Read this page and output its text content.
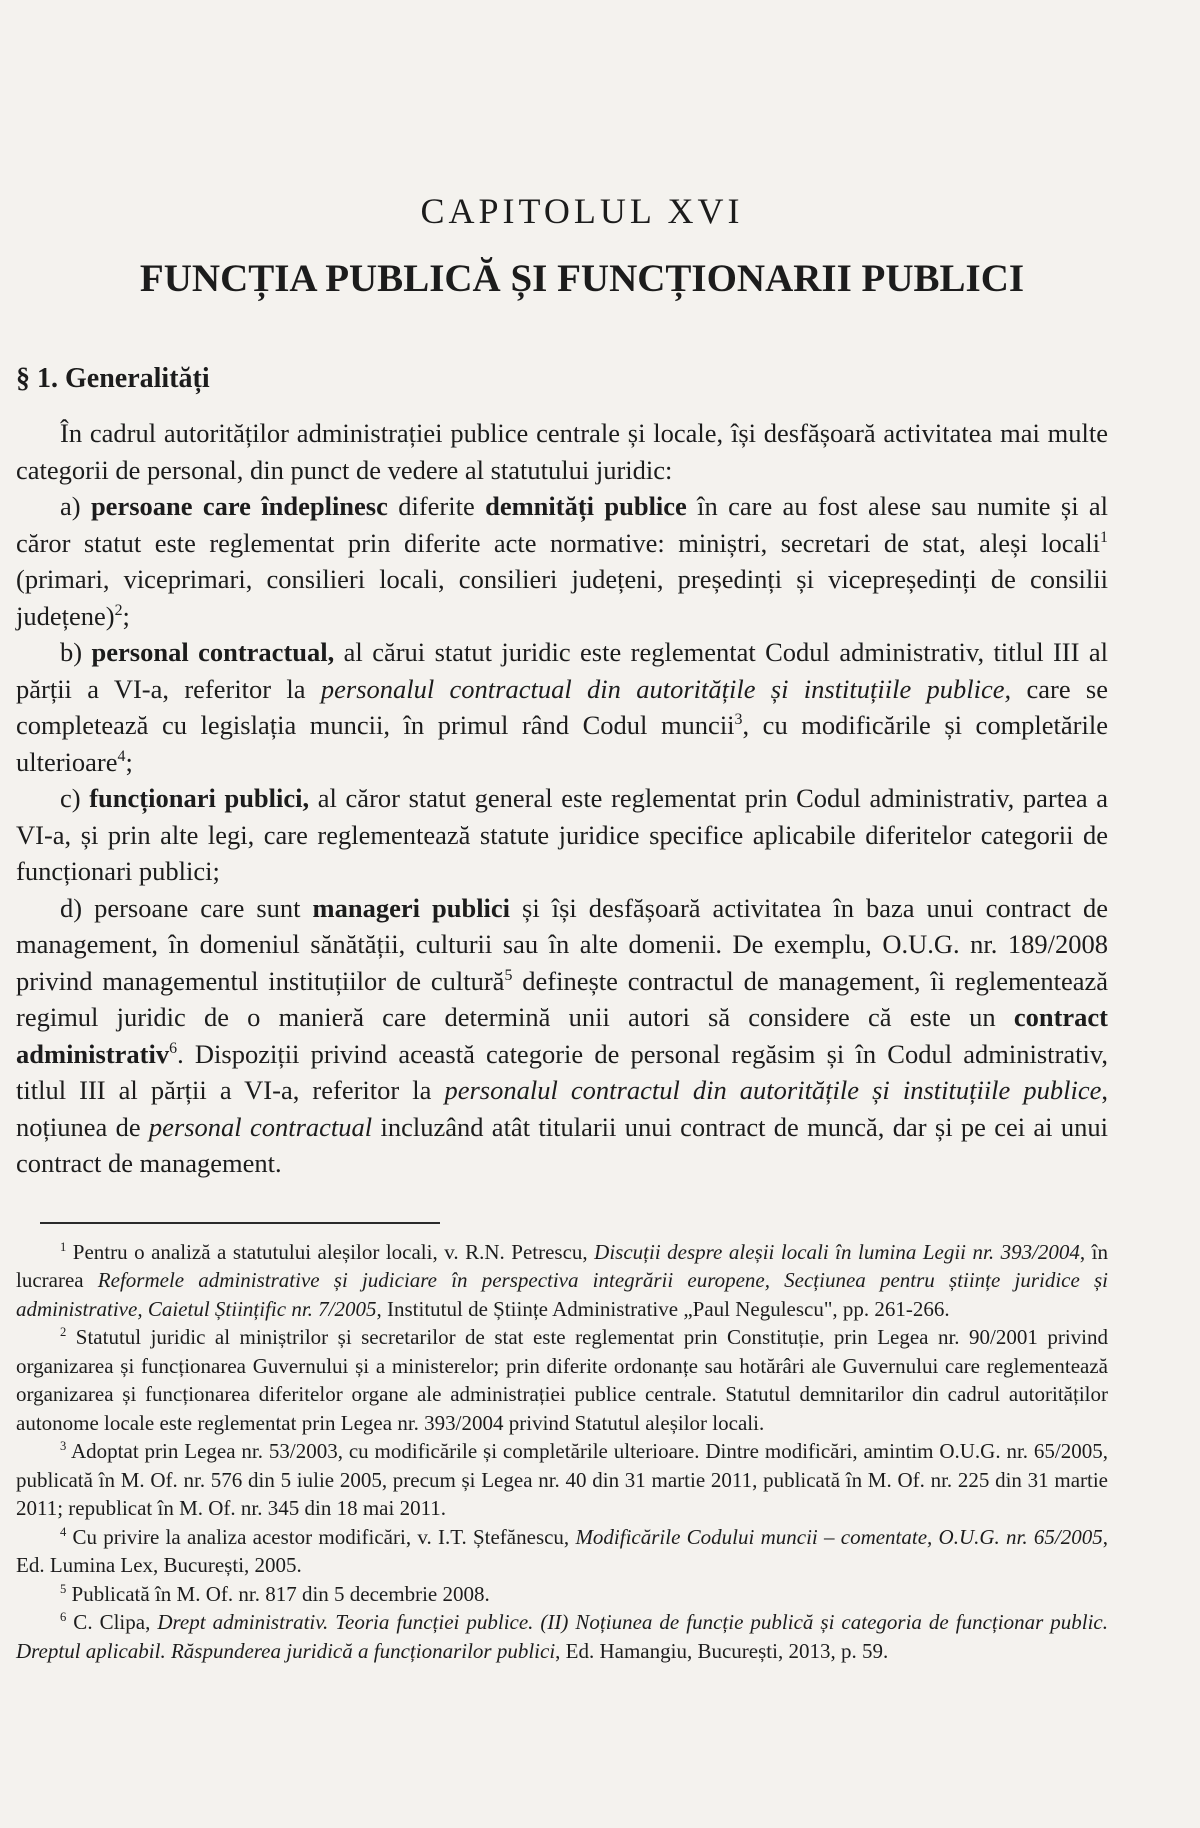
CAPITOLUL XVI
FUNCȚIA PUBLICĂ ȘI FUNCȚIONARII PUBLICI
§ 1. Generalități

În cadrul autorităților administrației publice centrale și locale, își desfășoară activitatea mai multe categorii de personal, din punct de vedere al statutului juridic:

a) persoane care îndeplinesc diferite demnități publice în care au fost alese sau numite și al căror statut este reglementat prin diferite acte normative: miniștri, secretari de stat, aleși locali$^1$ (primari, viceprimari, consilieri locali, consilieri județeni, președinți și vicepreședinți de consilii județene)$^2$;

b) personal contractual, al cărui statut juridic este reglementat Codul administrativ, titlul III al părții a VI-a, referitor la personalul contractual din autoritățile și instituțiile publice, care se completează cu legislația muncii, în primul rând Codul muncii$^3$, cu modificările și completările ulterioare$^4$;

c) funcționari publici, al căror statut general este reglementat prin Codul administrativ, partea a VI-a, și prin alte legi, care reglementează statute juridice specifice aplicabile diferitelor categorii de funcționari publici;

d) persoane care sunt manageri publici și își desfășoară activitatea în baza unui contract de management, în domeniul sănătății, culturii sau în alte domenii. De exemplu, O.U.G. nr. 189/2008 privind managementul instituțiilor de cultură$^5$ definește contractul de management, îi reglementează regimul juridic de o manieră care determină unii autori să considere că este un contract administrativ$^6$. Dispoziții privind această categorie de personal regăsim și în Codul administrativ, titlul III al părții a VI-a, referitor la personalul contractul din autoritățile și instituțiile publice, noțiunea de personal contractual incluzând atât titularii unui contract de muncă, dar și pe cei ai unui contract de management.

$^1$ Pentru o analiză a statutului aleșilor locali, v. R.N. Petrescu, Discuții despre aleșii locali în lumina Legii nr. 393/2004, în lucrarea Reformele administrative și judiciare în perspectiva integrării europene, Secțiunea pentru științe juridice și administrative, Caietul Științific nr. 7/2005, Institutul de Științe Administrative „Paul Negulescu", pp. 261-266.

$^2$ Statutul juridic al miniștrilor și secretarilor de stat este reglementat prin Constituție, prin Legea nr. 90/2001 privind organizarea și funcționarea Guvernului și a ministerelor; prin diferite ordonanțe sau hotărâri ale Guvernului care reglementează organizarea și funcționarea diferitelor organe ale administrației publice centrale. Statutul demnitarilor din cadrul autorităților autonome locale este reglementat prin Legea nr. 393/2004 privind Statutul aleșilor locali.

$^3$ Adoptat prin Legea nr. 53/2003, cu modificările și completările ulterioare. Dintre modificări, amintim O.U.G. nr. 65/2005, publicată în M. Of. nr. 576 din 5 iulie 2005, precum și Legea nr. 40 din 31 martie 2011, publicată în M. Of. nr. 225 din 31 martie 2011; republicat în M. Of. nr. 345 din 18 mai 2011.

$^4$ Cu privire la analiza acestor modificări, v. I.T. Ștefănescu, Modificările Codului muncii – comentate, O.U.G. nr. 65/2005, Ed. Lumina Lex, București, 2005.

$^5$ Publicată în M. Of. nr. 817 din 5 decembrie 2008.

$^6$ C. Clipa, Drept administrativ. Teoria funcției publice. (II) Noțiunea de funcție publică și categoria de funcționar public. Dreptul aplicabil. Răspunderea juridică a funcționarilor publici, Ed. Hamangiu, București, 2013, p. 59.
